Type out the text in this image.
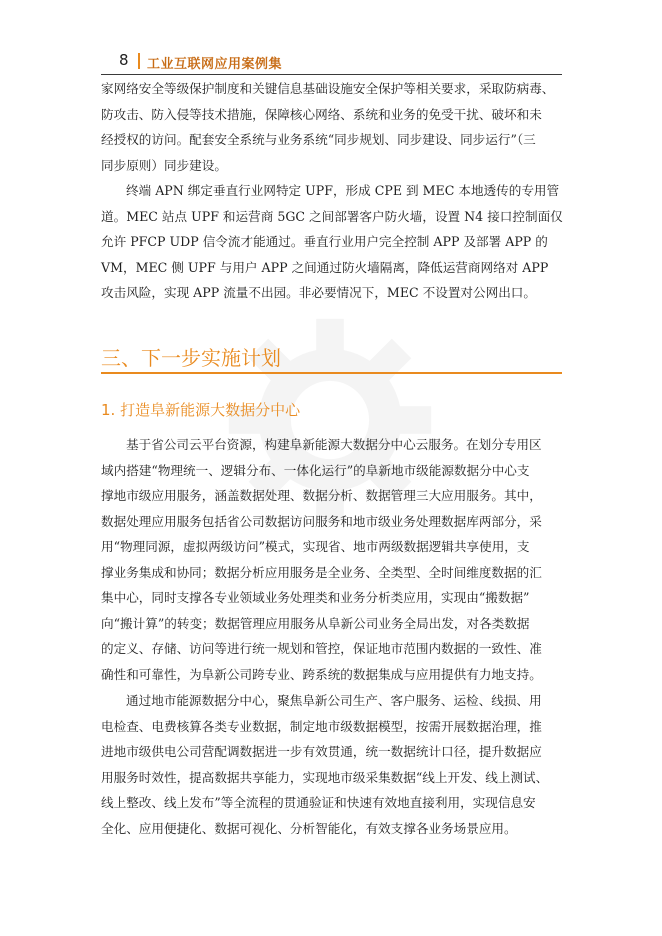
8 工业互联网应用案例集
家网络安全等级保护制度和关键信息基础设施安全保护等相关要求，采取防病毒、
防攻击、防入侵等技术措施，保障核心网络、系统和业务的免受干扰、破坏和未
经授权的访问。配套安全系统与业务系统“同步规划、同步建设、同步运行”（三
同步原则）同步建设。
终端 APN 绑定垂直行业网特定 UPF，形成 CPE 到 MEC 本地透传的专用管
道。MEC 站点 UPF 和运营商 5GC 之间部署客户防火墙，设置 N4 接口控制面仅
允许 PFCP UDP 信令流才能通过。垂直行业用户完全控制 APP 及部署 APP 的
VM，MEC 侧 UPF 与用户 APP 之间通过防火墙隔离，降低运营商网络对 APP
攻击风险，实现 APP 流量不出园。非必要情况下，MEC 不设置对公网出口。
三、下一步实施计划
1. 打造阜新能源大数据分中心
基于省公司云平台资源，构建阜新能源大数据分中心云服务。在划分专用区
域内搭建“物理统一、逻辑分布、一体化运行”的阜新地市级能源数据分中心支
撑地市级应用服务，涵盖数据处理、数据分析、数据管理三大应用服务。其中，
数据处理应用服务包括省公司数据访问服务和地市级业务处理数据库两部分，采
用“物理同源，虚拟两级访问”模式，实现省、地市两级数据逻辑共享使用，支
撑业务集成和协同；数据分析应用服务是全业务、全类型、全时间维度数据的汇
集中心，同时支撑各专业领域业务处理类和业务分析类应用，实现由“搬数据”
向“搬计算”的转变；数据管理应用服务从阜新公司业务全局出发，对各类数据
的定义、存储、访问等进行统一规划和管控，保证地市范围内数据的一致性、准
确性和可靠性，为阜新公司跨专业、跨系统的数据集成与应用提供有力地支持。
通过地市能源数据分中心，聚焦阜新公司生产、客户服务、运检、线损、用
电检查、电费核算各类专业数据，制定地市级数据模型，按需开展数据治理，推
进地市级供电公司营配调数据进一步有效贯通，统一数据统计口径，提升数据应
用服务时效性，提高数据共享能力，实现地市级采集数据“线上开发、线上测试、
线上整改、线上发布”等全流程的贯通验证和快速有效地直接利用，实现信息安
全化、应用便捷化、数据可视化、分析智能化，有效支撑各业务场景应用。
